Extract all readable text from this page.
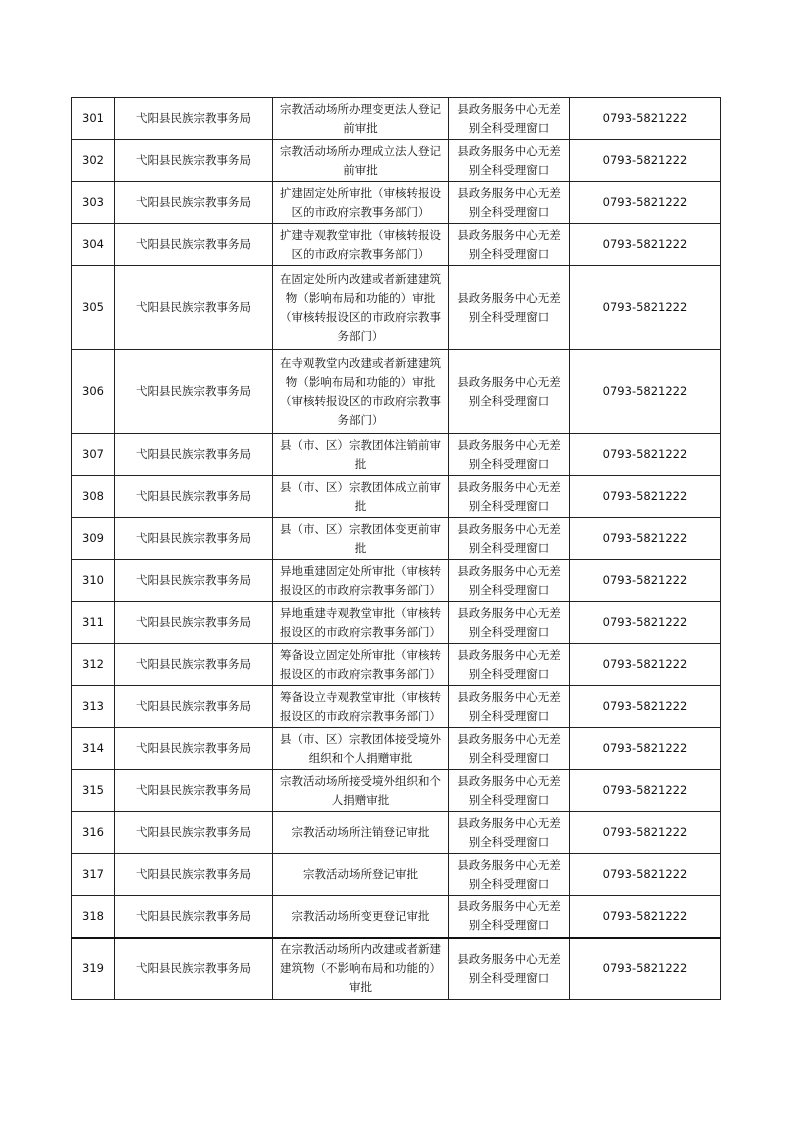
301	弋阳县民族宗教事务局	宗教活动场所办理变更法人登记前审批	县政务服务中心无差别全科受理窗口	0793-5821222
302	弋阳县民族宗教事务局	宗教活动场所办理成立法人登记前审批	县政务服务中心无差别全科受理窗口	0793-5821222
303	弋阳县民族宗教事务局	扩建固定处所审批（审核转报设区的市政府宗教事务部门）	县政务服务中心无差别全科受理窗口	0793-5821222
304	弋阳县民族宗教事务局	扩建寺观教堂审批（审核转报设区的市政府宗教事务部门）	县政务服务中心无差别全科受理窗口	0793-5821222
305	弋阳县民族宗教事务局	在固定处所内改建或者新建建筑物（影响布局和功能的）审批（审核转报设区的市政府宗教事务部门）	县政务服务中心无差别全科受理窗口	0793-5821222
306	弋阳县民族宗教事务局	在寺观教堂内改建或者新建建筑物（影响布局和功能的）审批（审核转报设区的市政府宗教事务部门）	县政务服务中心无差别全科受理窗口	0793-5821222
307	弋阳县民族宗教事务局	县（市、区）宗教团体注销前审批	县政务服务中心无差别全科受理窗口	0793-5821222
308	弋阳县民族宗教事务局	县（市、区）宗教团体成立前审批	县政务服务中心无差别全科受理窗口	0793-5821222
309	弋阳县民族宗教事务局	县（市、区）宗教团体变更前审批	县政务服务中心无差别全科受理窗口	0793-5821222
310	弋阳县民族宗教事务局	异地重建固定处所审批（审核转报设区的市政府宗教事务部门）	县政务服务中心无差别全科受理窗口	0793-5821222
311	弋阳县民族宗教事务局	异地重建寺观教堂审批（审核转报设区的市政府宗教事务部门）	县政务服务中心无差别全科受理窗口	0793-5821222
312	弋阳县民族宗教事务局	筹备设立固定处所审批（审核转报设区的市政府宗教事务部门）	县政务服务中心无差别全科受理窗口	0793-5821222
313	弋阳县民族宗教事务局	筹备设立寺观教堂审批（审核转报设区的市政府宗教事务部门）	县政务服务中心无差别全科受理窗口	0793-5821222
314	弋阳县民族宗教事务局	县（市、区）宗教团体接受境外组织和个人捐赠审批	县政务服务中心无差别全科受理窗口	0793-5821222
315	弋阳县民族宗教事务局	宗教活动场所接受境外组织和个人捐赠审批	县政务服务中心无差别全科受理窗口	0793-5821222
316	弋阳县民族宗教事务局	宗教活动场所注销登记审批	县政务服务中心无差别全科受理窗口	0793-5821222
317	弋阳县民族宗教事务局	宗教活动场所登记审批	县政务服务中心无差别全科受理窗口	0793-5821222
318	弋阳县民族宗教事务局	宗教活动场所变更登记审批	县政务服务中心无差别全科受理窗口	0793-5821222
319	弋阳县民族宗教事务局	在宗教活动场所内改建或者新建建筑物（不影响布局和功能的）审批	县政务服务中心无差别全科受理窗口	0793-5821222
